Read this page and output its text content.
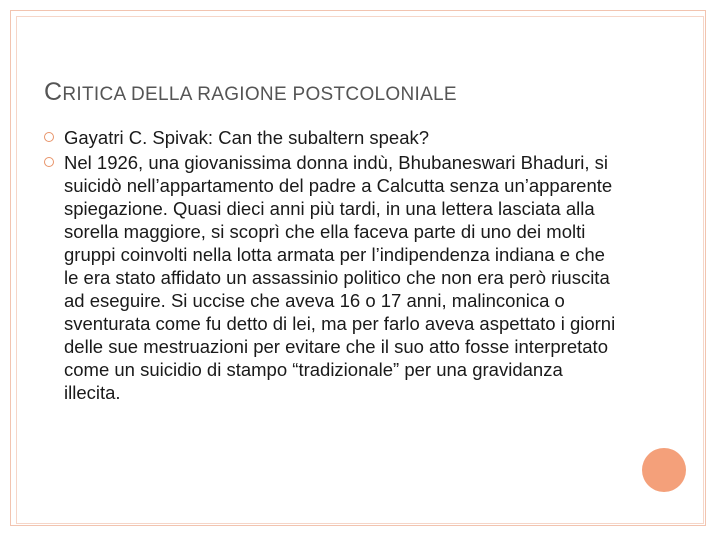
CRITICA DELLA RAGIONE POSTCOLONIALE
Gayatri C. Spivak: Can the subaltern speak?
Nel 1926, una giovanissima donna indù, Bhubaneswari Bhaduri, si suicidò nell’appartamento del padre a Calcutta senza un’apparente spiegazione. Quasi dieci anni più tardi, in una lettera lasciata alla sorella maggiore, si scoprì che ella faceva parte di uno dei molti gruppi coinvolti nella lotta armata per l’indipendenza indiana e che le era stato affidato un assassinio politico che non era però riuscita ad eseguire. Si uccise che aveva 16 o 17 anni, malinconica o sventurata come fu detto di lei, ma per farlo aveva aspettato i giorni delle sue mestruazioni per evitare che il suo atto fosse interpretato come un suicidio di stampo “tradizionale” per una gravidanza illecita.
